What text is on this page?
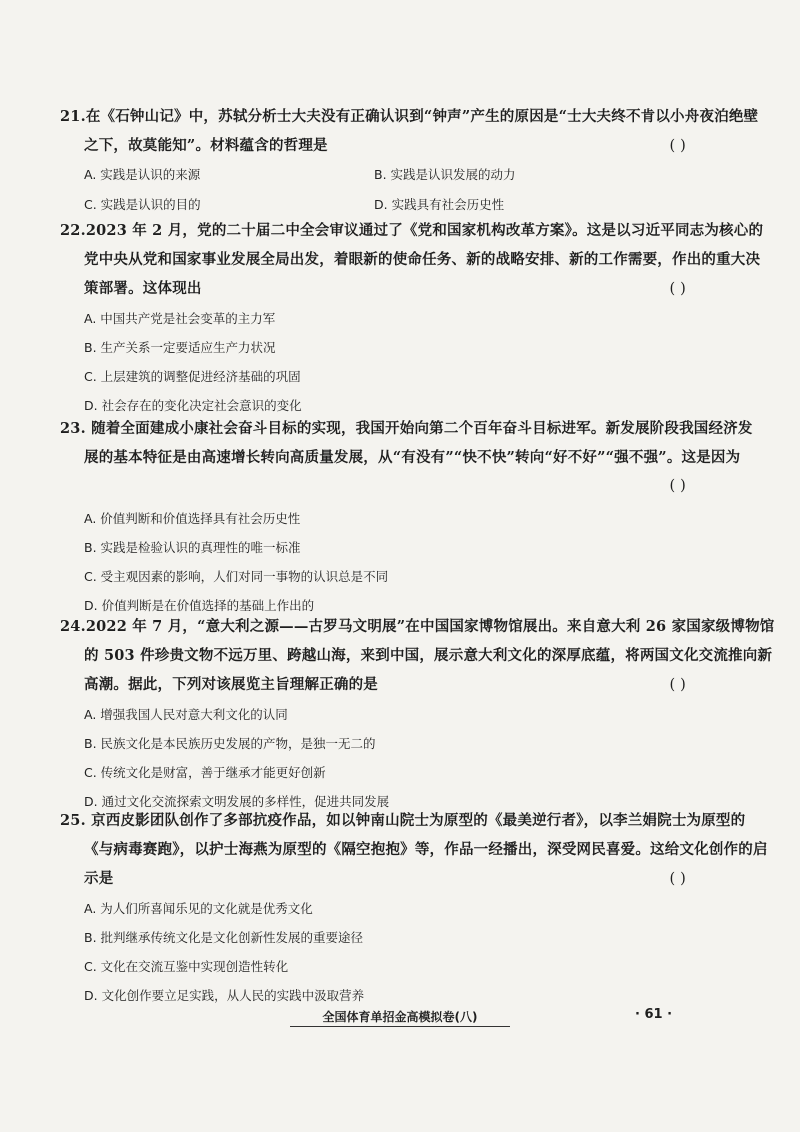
21.在《石钟山记》中，苏轼分析士大夫没有正确认识到“钟声”产生的原因是“士大夫终不肯以小舟夜泊绝壁
之下，故莫能知”。材料蕴含的哲理是	( )
A. 实践是认识的来源	B. 实践是认识发展的动力
C. 实践是认识的目的	D. 实践具有社会历史性
22.2023 年 2 月，党的二十届二中全会审议通过了《党和国家机构改革方案》。这是以习近平同志为核心的
党中央从党和国家事业发展全局出发，着眼新的使命任务、新的战略安排、新的工作需要，作出的重大决
策部署。这体现出	( )
A. 中国共产党是社会变革的主力军
B. 生产关系一定要适应生产力状况
C. 上层建筑的调整促进经济基础的巩固
D. 社会存在的变化决定社会意识的变化
23. 随着全面建成小康社会奋斗目标的实现，我国开始向第二个百年奋斗目标进军。新发展阶段我国经济发
展的基本特征是由高速增长转向高质量发展，从“有没有”“快不快”转向“好不好”“强不强”。这是因为
( )
A. 价值判断和价值选择具有社会历史性
B. 实践是检验认识的真理性的唯一标准
C. 受主观因素的影响，人们对同一事物的认识总是不同
D. 价值判断是在价值选择的基础上作出的
24.2022 年 7 月，“意大利之源——古罗马文明展”在中国国家博物馆展出。来自意大利 26 家国家级博物馆
的 503 件珍贵文物不远万里、跨越山海，来到中国，展示意大利文化的深厚底蕴，将两国文化交流推向新
高潮。据此，下列对该展览主旨理解正确的是	( )
A. 增强我国人民对意大利文化的认同
B. 民族文化是本民族历史发展的产物，是独一无二的
C. 传统文化是财富，善于继承才能更好创新
D. 通过文化交流探索文明发展的多样性，促进共同发展
25. 京西皮影团队创作了多部抗疫作品，如以钟南山院士为原型的《最美逆行者》，以李兰娟院士为原型的
《与病毒赛跑》，以护士海燕为原型的《隔空抱抱》等，作品一经播出，深受网民喜爱。这给文化创作的启
示是	( )
A. 为人们所喜闻乐见的文化就是优秀文化
B. 批判继承传统文化是文化创新性发展的重要途径
C. 文化在交流互鉴中实现创造性转化
D. 文化创作要立足实践，从人民的实践中汲取营养
全国体育单招金高模拟卷(八)	· 61 ·
